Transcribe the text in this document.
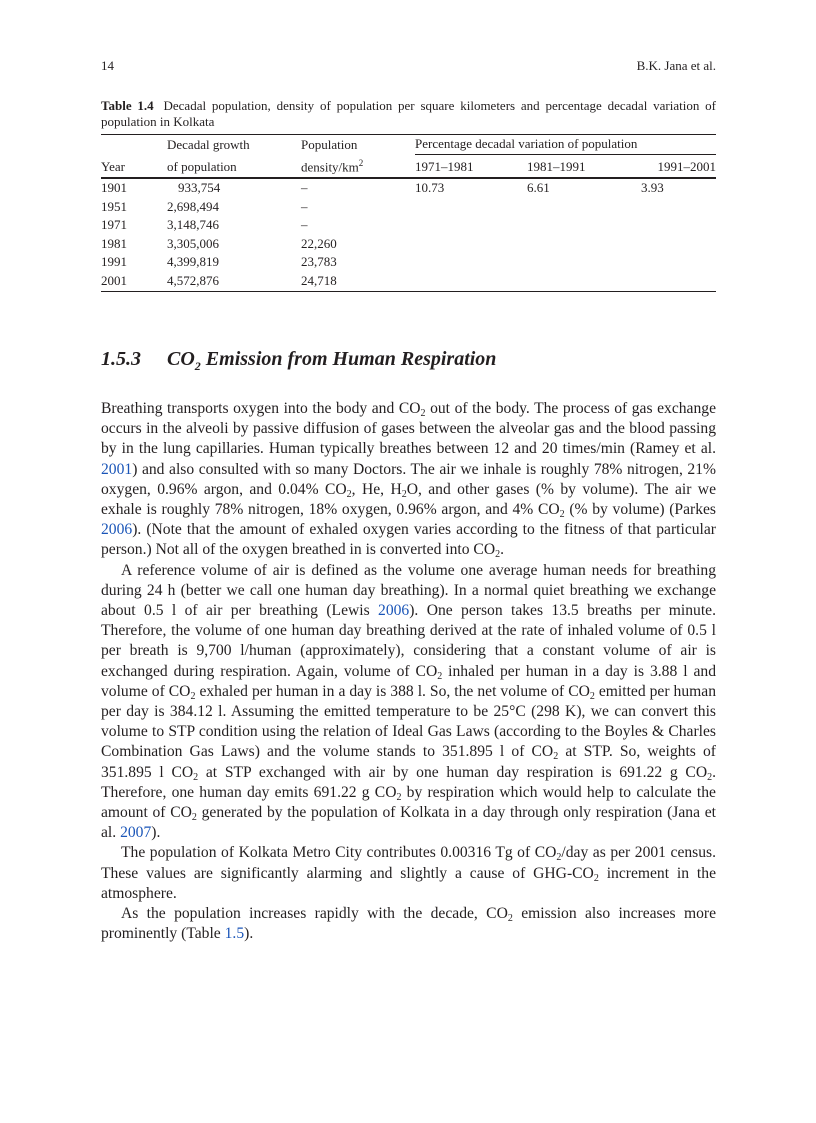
14	B.K. Jana et al.
Table 1.4 Decadal population, density of population per square kilometers and percentage decadal variation of population in Kolkata
	Decadal growth	Population	Percentage decadal variation of population		
Year	of population	density/$km^2$	1971–1981	1981–1991	1991–2001
1901	933,754	–	10.73	6.61	3.93
1951	2,698,494	–			
1971	3,148,746	–			
1981	3,305,006	22,260			
1991	4,399,819	23,783			
2001	4,572,876	24,718			
1.5.3 $CO_2$ Emission from Human Respiration

Breathing transports oxygen into the body and $CO_2$ out of the body. The process of gas exchange occurs in the alveoli by passive diffusion of gases between the alveolar gas and the blood passing by in the lung capillaries. Human typically breathes between 12 and 20 times/min (Ramey et al. 2001) and also consulted with so many Doctors. The air we inhale is roughly 78% nitrogen, 21% oxygen, 0.96% argon, and 0.04% $CO_2$, He, $H_2O$, and other gases (% by volume). The air we exhale is roughly 78% nitrogen, 18% oxygen, 0.96% argon, and 4% $CO_2$ (% by volume) (Parkes 2006). (Note that the amount of exhaled oxygen varies according to the fitness of that particular person.) Not all of the oxygen breathed in is converted into $CO_2$.

A reference volume of air is defined as the volume one average human needs for breathing during 24 h (better we call one human day breathing). In a normal quiet breathing we exchange about 0.5 l of air per breathing (Lewis 2006). One person takes 13.5 breaths per minute. Therefore, the volume of one human day breathing derived at the rate of inhaled volume of 0.5 l per breath is 9,700 l/human (approximately), considering that a constant volume of air is exchanged during respiration. Again, volume of $CO_2$ inhaled per human in a day is 3.88 l and volume of $CO_2$ exhaled per human in a day is 388 l. So, the net volume of $CO_2$ emitted per human per day is 384.12 l. Assuming the emitted temperature to be 25°C (298 K), we can convert this volume to STP condition using the relation of Ideal Gas Laws (according to the Boyles & Charles Combination Gas Laws) and the volume stands to 351.895 l of $CO_2$ at STP. So, weights of 351.895 l $CO_2$ at STP exchanged with air by one human day respiration is 691.22 g $CO_2$. Therefore, one human day emits 691.22 g $CO_2$ by respiration which would help to calculate the amount of $CO_2$ generated by the population of Kolkata in a day through only respiration (Jana et al. 2007).

The population of Kolkata Metro City contributes 0.00316 Tg of $CO_2$/day as per 2001 census. These values are significantly alarming and slightly a cause of GHG-$CO_2$ increment in the atmosphere.

As the population increases rapidly with the decade, $CO_2$ emission also increases more prominently (Table 1.5).
